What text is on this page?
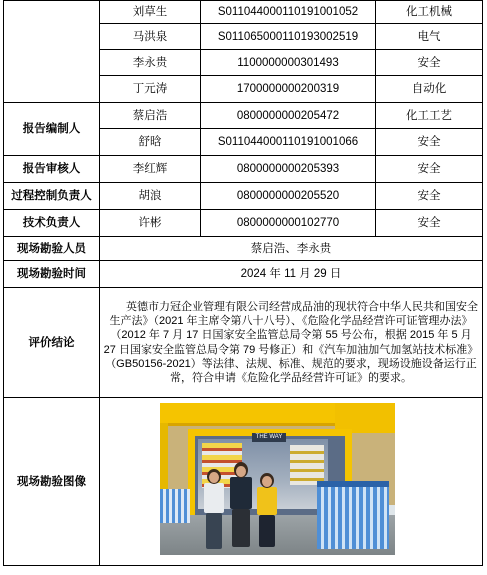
	刘草生	S011044000110191001052	化工机械
	马洪泉	S011065000110193002519	电气
	李永贵	1100000000301493	安全
	丁元涛	1700000000200319	自动化
报告编制人	蔡启浩	0800000000205472	化工工艺
	舒晗	S011044000110191001066	安全
报告审核人	李红辉	0800000000205393	安全
过程控制负责人	胡浪	0800000000205520	安全
技术负责人	许彬	0800000000102770	安全
现场勘验人员	蔡启浩、李永贵		
现场勘验时间	2024 年 11 月 29 日		
评价结论	英德市力冠企业管理有限公司经营成品油的现状符合中华人民共和国安全生产法》（2021 年主席令第八十八号）、《危险化学品经营许可证管理办法》（2012 年 7 月 17 日国家安全监管总局令第 55 号公布，根据 2015 年 5 月 27 日国家安全监管总局令第 79 号修正）和《汽车加油加气加氢站技术标准》（GB50156-2021）等法律、法规、标准、规范的要求，现场设施设备运行正常，符合申请《危险化学品经营许可证》的要求。		

现场勘验图像	THE WAY		
